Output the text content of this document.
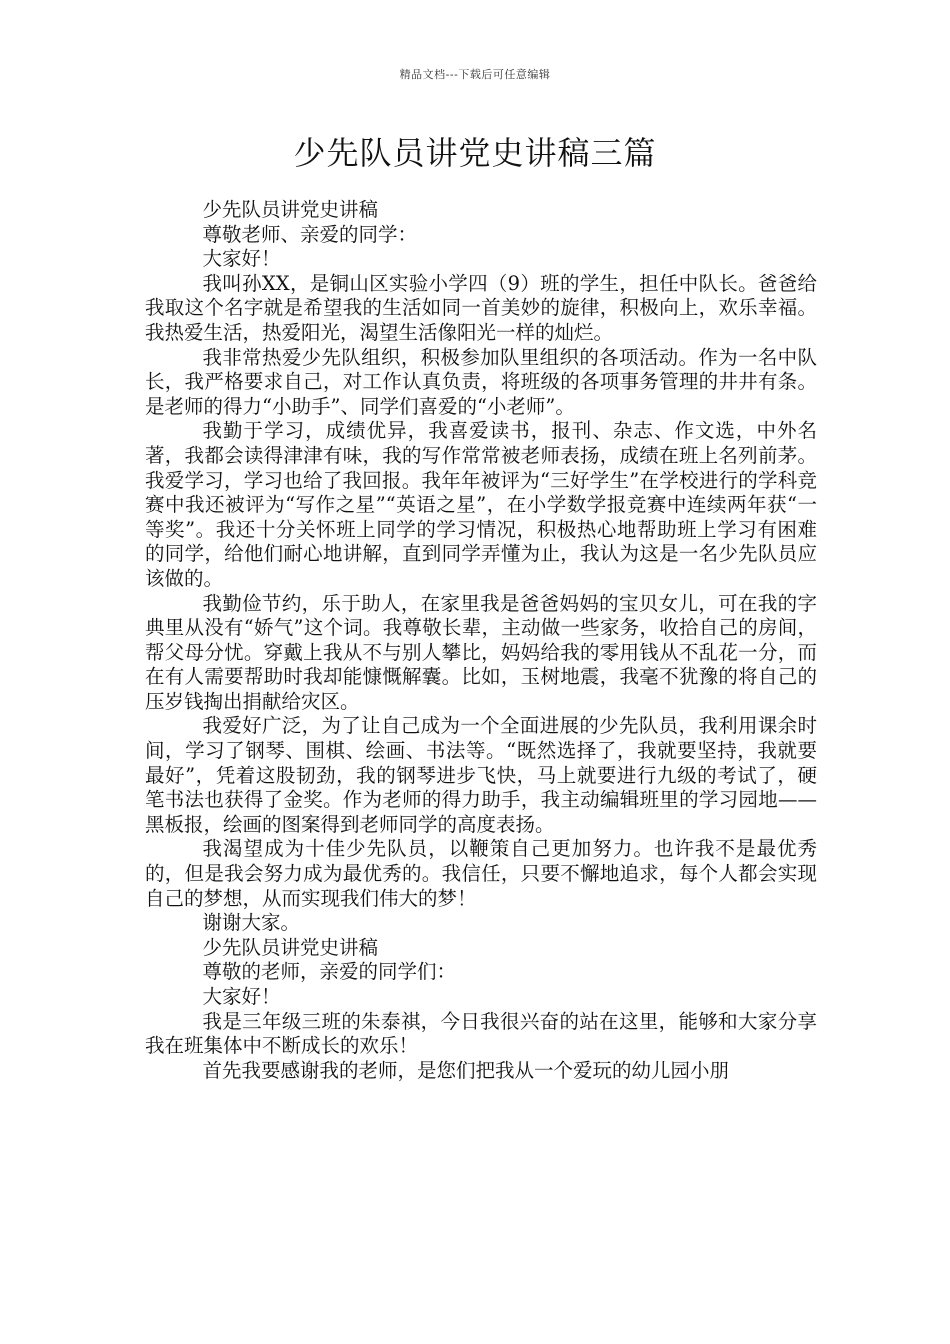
精品文档---下载后可任意编辑
少先队员讲党史讲稿三篇

少先队员讲党史讲稿

尊敬老师、亲爱的同学：

大家好！

我叫孙XX，是铜山区实验小学四（9）班的学生，担任中队长。爸爸给我取这个名字就是希望我的生活如同一首美妙的旋律，积极向上，欢乐幸福。我热爱生活，热爱阳光，渴望生活像阳光一样的灿烂。

我非常热爱少先队组织，积极参加队里组织的各项活动。作为一名中队长，我严格要求自己，对工作认真负责，将班级的各项事务管理的井井有条。是老师的得力“小助手”、同学们喜爱的“小老师”。

我勤于学习，成绩优异，我喜爱读书，报刊、杂志、作文选，中外名著，我都会读得津津有味，我的写作常常被老师表扬，成绩在班上名列前茅。我爱学习，学习也给了我回报。我年年被评为“三好学生”在学校进行的学科竞赛中我还被评为“写作之星”“英语之星”，在小学数学报竞赛中连续两年获“一等奖”。我还十分关怀班上同学的学习情况，积极热心地帮助班上学习有困难的同学，给他们耐心地讲解，直到同学弄懂为止，我认为这是一名少先队员应该做的。

我勤俭节约，乐于助人，在家里我是爸爸妈妈的宝贝女儿，可在我的字典里从没有“娇气”这个词。我尊敬长辈，主动做一些家务，收拾自己的房间，帮父母分忧。穿戴上我从不与别人攀比，妈妈给我的零用钱从不乱花一分，而在有人需要帮助时我却能慷慨解囊。比如，玉树地震，我毫不犹豫的将自己的压岁钱掏出捐献给灾区。

我爱好广泛，为了让自己成为一个全面进展的少先队员，我利用课余时间，学习了钢琴、围棋、绘画、书法等。“既然选择了，我就要坚持，我就要最好”，凭着这股韧劲，我的钢琴进步飞快，马上就要进行九级的考试了，硬笔书法也获得了金奖。作为老师的得力助手，我主动编辑班里的学习园地——黑板报，绘画的图案得到老师同学的高度表扬。

我渴望成为十佳少先队员，以鞭策自己更加努力。也许我不是最优秀的，但是我会努力成为最优秀的。我信任，只要不懈地追求，每个人都会实现自己的梦想，从而实现我们伟大的梦！

谢谢大家。

少先队员讲党史讲稿

尊敬的老师，亲爱的同学们：

大家好！

我是三年级三班的朱泰祺，今日我很兴奋的站在这里，能够和大家分享我在班集体中不断成长的欢乐！

首先我要感谢我的老师，是您们把我从一个爱玩的幼儿园小朋
